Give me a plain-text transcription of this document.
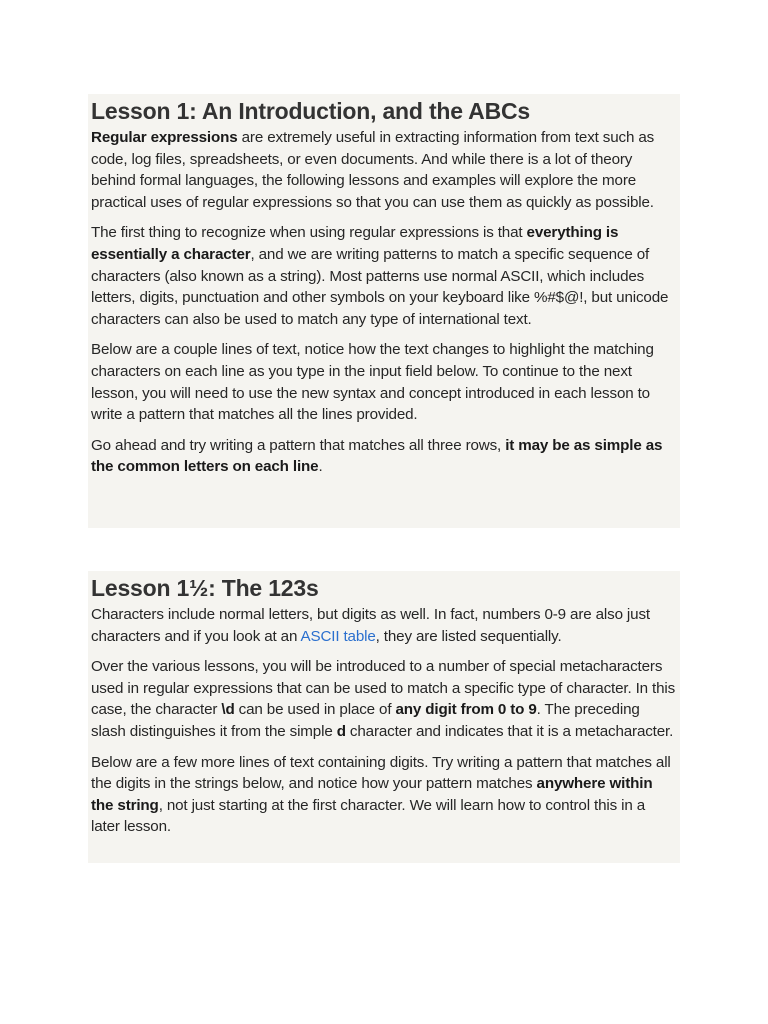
Lesson 1: An Introduction, and the ABCs

Regular expressions are extremely useful in extracting information from text such as code, log files, spreadsheets, or even documents. And while there is a lot of theory behind formal languages, the following lessons and examples will explore the more practical uses of regular expressions so that you can use them as quickly as possible.

The first thing to recognize when using regular expressions is that everything is essentially a character, and we are writing patterns to match a specific sequence of characters (also known as a string). Most patterns use normal ASCII, which includes letters, digits, punctuation and other symbols on your keyboard like %#$@!, but unicode characters can also be used to match any type of international text.

Below are a couple lines of text, notice how the text changes to highlight the matching characters on each line as you type in the input field below. To continue to the next lesson, you will need to use the new syntax and concept introduced in each lesson to write a pattern that matches all the lines provided.

Go ahead and try writing a pattern that matches all three rows, it may be as simple as the common letters on each line.

Lesson 1½: The 123s

Characters include normal letters, but digits as well. In fact, numbers 0-9 are also just characters and if you look at an ASCII table, they are listed sequentially.

Over the various lessons, you will be introduced to a number of special metacharacters used in regular expressions that can be used to match a specific type of character. In this case, the character \d can be used in place of any digit from 0 to 9. The preceding slash distinguishes it from the simple d character and indicates that it is a metacharacter.

Below are a few more lines of text containing digits. Try writing a pattern that matches all the digits in the strings below, and notice how your pattern matches anywhere within the string, not just starting at the first character. We will learn how to control this in a later lesson.
